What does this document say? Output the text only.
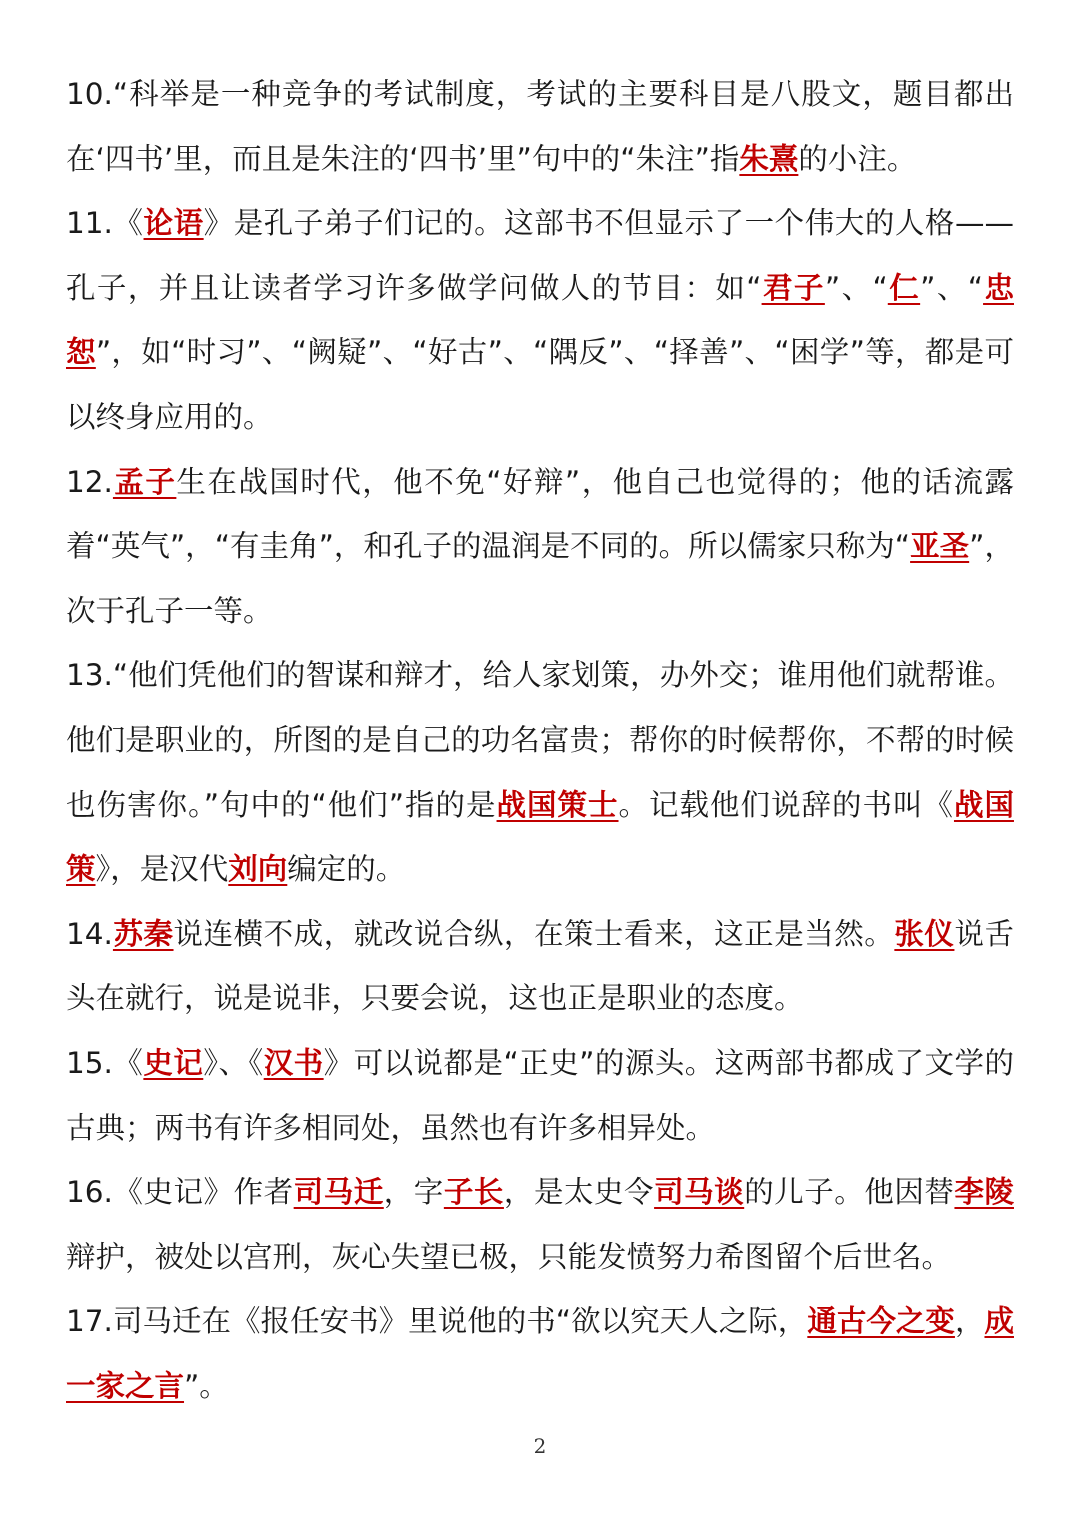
10.“科举是一种竞争的考试制度，考试的主要科目是八股文，题目都出在‘四书’里，而且是朱注的‘四书’里”句中的“朱注”指朱熹的小注。

11.《论语》是孔子弟子们记的。这部书不但显示了一个伟大的人格——孔子，并且让读者学习许多做学问做人的节目：如“君子”、“仁”、“忠恕”，如“时习”、“阙疑”、“好古”、“隅反”、“择善”、“困学”等，都是可以终身应用的。

12.孟子生在战国时代，他不免“好辩”，他自己也觉得的；他的话流露着“英气”，“有圭角”，和孔子的温润是不同的。所以儒家只称为“亚圣”，次于孔子一等。

13.“他们凭他们的智谋和辩才，给人家划策，办外交；谁用他们就帮谁。他们是职业的，所图的是自己的功名富贵；帮你的时候帮你，不帮的时候也伤害你。”句中的“他们”指的是战国策士。记载他们说辞的书叫《战国策》，是汉代刘向编定的。

14.苏秦说连横不成，就改说合纵，在策士看来，这正是当然。张仪说舌头在就行，说是说非，只要会说，这也正是职业的态度。

15.《史记》、《汉书》可以说都是“正史”的源头。这两部书都成了文学的古典；两书有许多相同处，虽然也有许多相异处。

16.《史记》作者司马迁，字子长，是太史令司马谈的儿子。他因替李陵辩护，被处以宫刑，灰心失望已极，只能发愤努力希图留个后世名。

17.司马迁在《报任安书》里说他的书“欲以究天人之际，通古今之变，成一家之言”。

2
